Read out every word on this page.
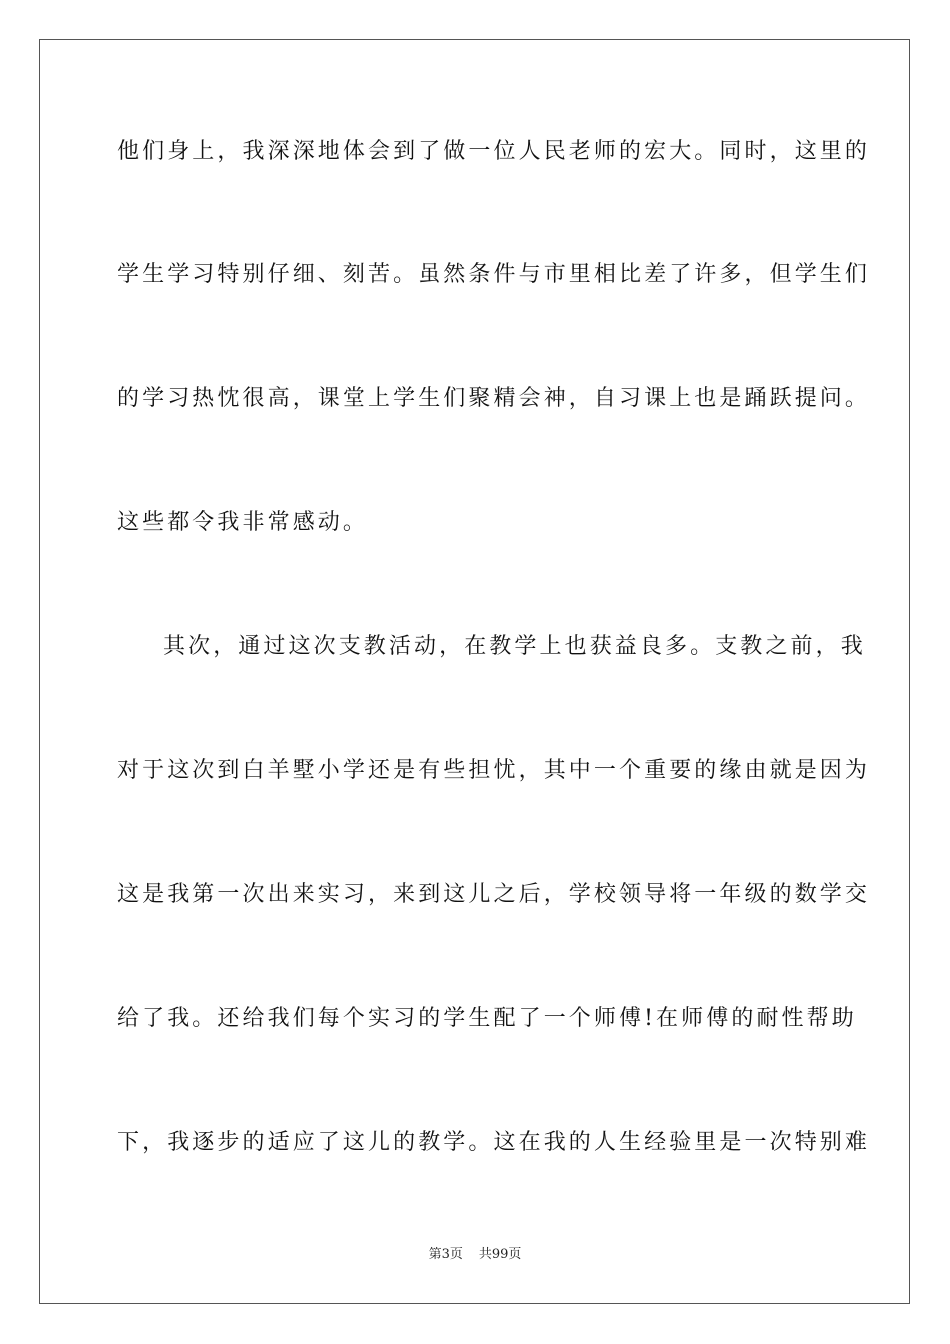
他们身上，我深深地体会到了做一位人民老师的宏大。同时，这里的
学生学习特别仔细、刻苦。虽然条件与市里相比差了许多，但学生们
的学习热忱很高，课堂上学生们聚精会神，自习课上也是踊跃提问。
这些都令我非常感动。
其次，通过这次支教活动，在教学上也获益良多。支教之前，我
对于这次到白羊墅小学还是有些担忧，其中一个重要的缘由就是因为
这是我第一次出来实习，来到这儿之后，学校领导将一年级的数学交
给了我。还给我们每个实习的学生配了一个师傅!在师傅的耐性帮助
下，我逐步的适应了这儿的教学。这在我的人生经验里是一次特别难
第3页 共99页
